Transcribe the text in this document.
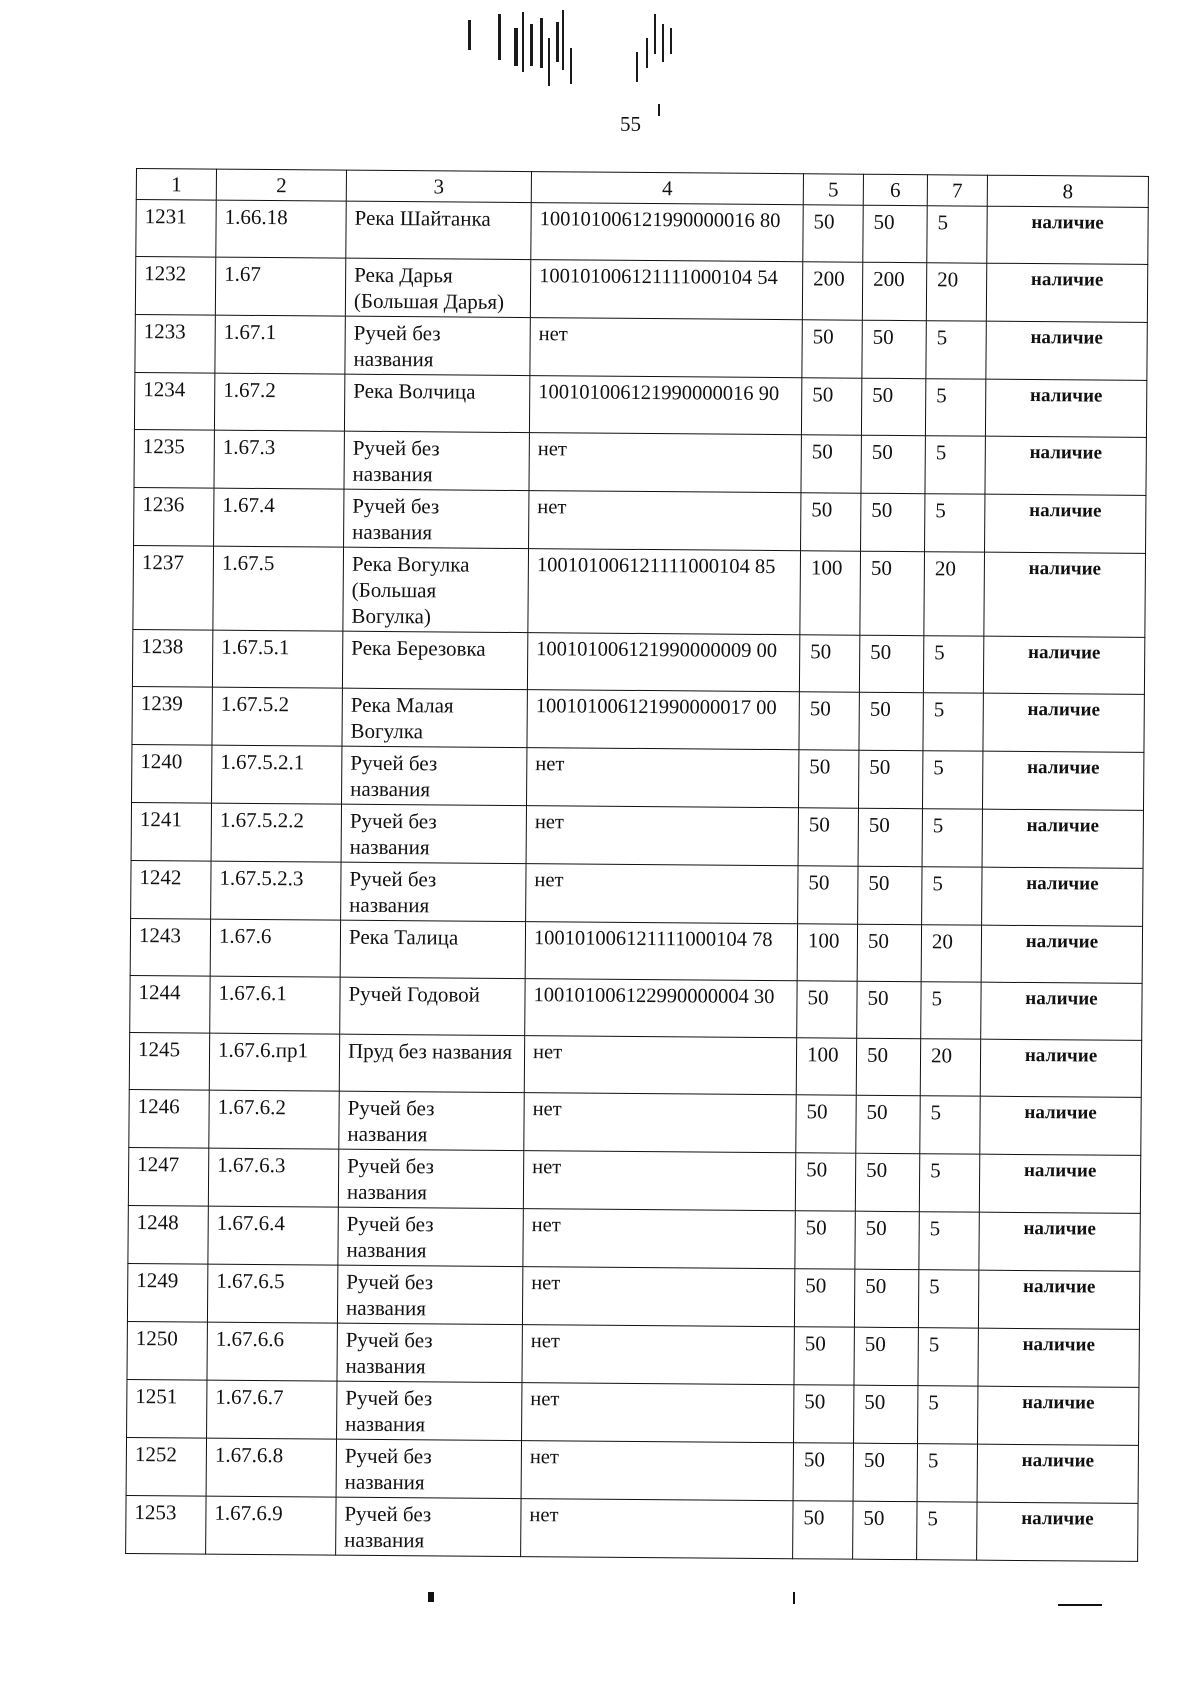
55
1	2	3	4	5	6	7	8
1231	1.66.18	Река Шайтанка	100101006121990000016 80	50	50	5	наличие
1232	1.67	Река Дарья (Большая Дарья)	100101006121111000104 54	200	200	20	наличие
1233	1.67.1	Ручей без названия	нет	50	50	5	наличие
1234	1.67.2	Река Волчица	100101006121990000016 90	50	50	5	наличие
1235	1.67.3	Ручей без названия	нет	50	50	5	наличие
1236	1.67.4	Ручей без названия	нет	50	50	5	наличие
1237	1.67.5	Река Вогулка (Большая Вогулка)	100101006121111000104 85	100	50	20	наличие
1238	1.67.5.1	Река Березовка	100101006121990000009 00	50	50	5	наличие
1239	1.67.5.2	Река Малая Вогулка	100101006121990000017 00	50	50	5	наличие
1240	1.67.5.2.1	Ручей без названия	нет	50	50	5	наличие
1241	1.67.5.2.2	Ручей без названия	нет	50	50	5	наличие
1242	1.67.5.2.3	Ручей без названия	нет	50	50	5	наличие
1243	1.67.6	Река Талица	100101006121111000104 78	100	50	20	наличие
1244	1.67.6.1	Ручей Годовой	100101006122990000004 30	50	50	5	наличие
1245	1.67.6.пр1	Пруд без названия	нет	100	50	20	наличие
1246	1.67.6.2	Ручей без названия	нет	50	50	5	наличие
1247	1.67.6.3	Ручей без названия	нет	50	50	5	наличие
1248	1.67.6.4	Ручей без названия	нет	50	50	5	наличие
1249	1.67.6.5	Ручей без названия	нет	50	50	5	наличие
1250	1.67.6.6	Ручей без названия	нет	50	50	5	наличие
1251	1.67.6.7	Ручей без названия	нет	50	50	5	наличие
1252	1.67.6.8	Ручей без названия	нет	50	50	5	наличие
1253	1.67.6.9	Ручей без названия	нет	50	50	5	наличие
